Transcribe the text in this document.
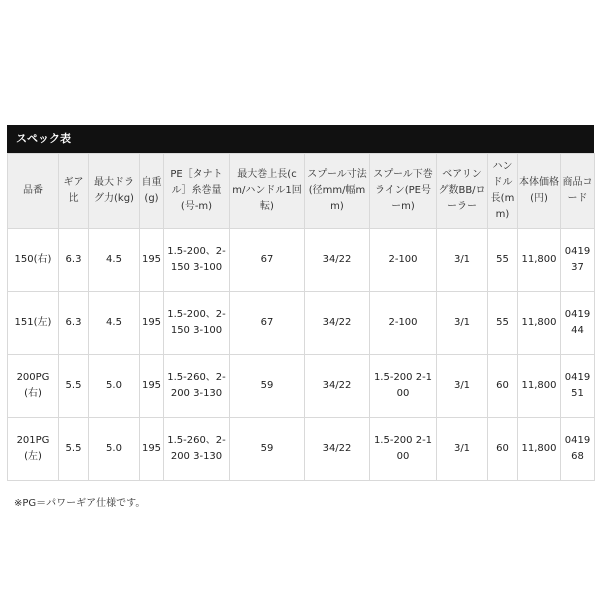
スペック表
品番	ギア比	最大ドラグ力(kg)	自重(g)	PE［タナトル］糸巻量(号-m)	最大巻上長(cm/ハンドル1回転)	スプール寸法(径mm/幅mm)	スプール下巻ライン(PE号ーm)	ベアリング数BB/ローラー	ハンドル長(mm)	本体価格(円)	商品コード
150(右)	6.3	4.5	195	1.5-200、2-150 3-100	67	34/22	2-100	3/1	55	11,800	041937
151(左)	6.3	4.5	195	1.5-200、2-150 3-100	67	34/22	2-100	3/1	55	11,800	041944
200PG(右)	5.5	5.0	195	1.5-260、2-200 3-130	59	34/22	1.5-200 2-100	3/1	60	11,800	041951
201PG(左)	5.5	5.0	195	1.5-260、2-200 3-130	59	34/22	1.5-200 2-100	3/1	60	11,800	041968
※PG＝パワーギア仕様です。
